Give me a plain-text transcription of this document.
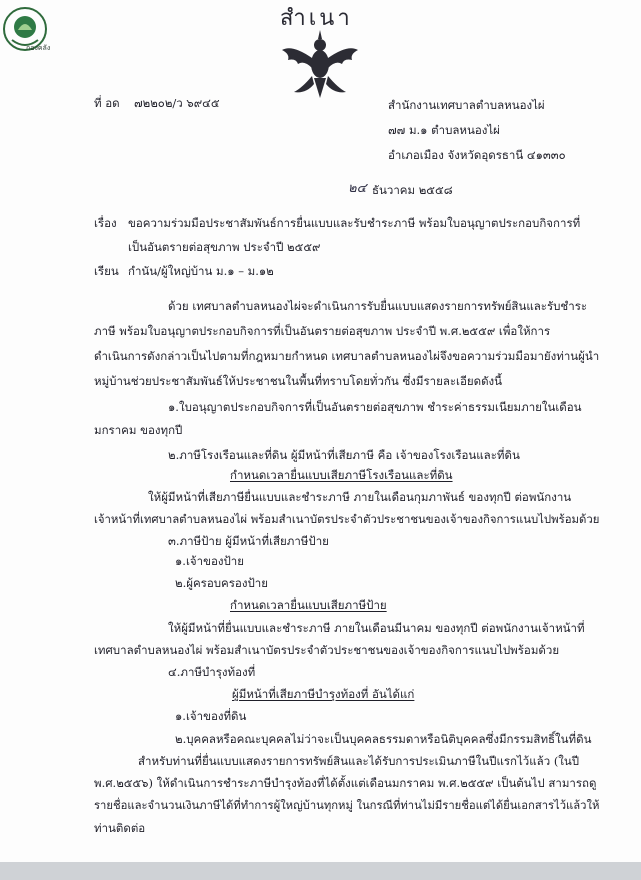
กองคลัง
สำเนา
ที่ อด ๗๒๒๐๒/ว ๖๙๔๕	สำนักงานเทศบาลตำบลหนองไผ่
๗๗ ม.๑ ตำบลหนองไผ่
อำเภอเมือง จังหวัดอุดรธานี ๔๑๓๓๐
๒๔ ธันวาคม ๒๕๕๘
เรื่อง ขอความร่วมมือประชาสัมพันธ์การยื่นแบบและรับชำระภาษี พร้อมใบอนุญาตประกอบกิจการที่
เป็นอันตรายต่อสุขภาพ ประจำปี ๒๕๕๙
เรียน กำนัน/ผู้ใหญ่บ้าน ม.๑ – ม.๑๒
ด้วย เทศบาลตำบลหนองไผ่จะดำเนินการรับยื่นแบบแสดงรายการทรัพย์สินและรับชำระ
ภาษี พร้อมใบอนุญาตประกอบกิจการที่เป็นอันตรายต่อสุขภาพ ประจำปี พ.ศ.๒๕๕๙ เพื่อให้การ
ดำเนินการดังกล่าวเป็นไปตามที่กฎหมายกำหนด เทศบาลตำบลหนองไผ่จึงขอความร่วมมือมายังท่านผู้นำ
หมู่บ้านช่วยประชาสัมพันธ์ให้ประชาชนในพื้นที่ทราบโดยทั่วกัน ซึ่งมีรายละเอียดดังนี้
๑.ใบอนุญาตประกอบกิจการที่เป็นอันตรายต่อสุขภาพ ชำระค่าธรรมเนียมภายในเดือน
มกราคม ของทุกปี
๒.ภาษีโรงเรือนและที่ดิน ผู้มีหน้าที่เสียภาษี คือ เจ้าของโรงเรือนและที่ดิน
กำหนดเวลายื่นแบบเสียภาษีโรงเรือนและที่ดิน
ให้ผู้มีหน้าที่เสียภาษียื่นแบบและชำระภาษี ภายในเดือนกุมภาพันธ์ ของทุกปี ต่อพนักงาน
เจ้าหน้าที่เทศบาลตำบลหนองไผ่ พร้อมสำเนาบัตรประจำตัวประชาชนของเจ้าของกิจการแนบไปพร้อมด้วย
๓.ภาษีป้าย ผู้มีหน้าที่เสียภาษีป้าย
๑.เจ้าของป้าย
๒.ผู้ครอบครองป้าย
กำหนดเวลายื่นแบบเสียภาษีป้าย
ให้ผู้มีหน้าที่ยื่นแบบและชำระภาษี ภายในเดือนมีนาคม ของทุกปี ต่อพนักงานเจ้าหน้าที่
เทศบาลตำบลหนองไผ่ พร้อมสำเนาบัตรประจำตัวประชาชนของเจ้าของกิจการแนบไปพร้อมด้วย
๔.ภาษีบำรุงท้องที่
ผู้มีหน้าที่เสียภาษีบำรุงท้องที่ อันได้แก่
๑.เจ้าของที่ดิน
๒.บุคคลหรือคณะบุคคลไม่ว่าจะเป็นบุคคลธรรมดาหรือนิติบุคคลซึ่งมีกรรมสิทธิ์ในที่ดิน
สำหรับท่านที่ยื่นแบบแสดงรายการทรัพย์สินและได้รับการประเมินภาษีในปีแรกไว้แล้ว (ในปี
พ.ศ.๒๕๕๖) ให้ดำเนินการชำระภาษีบำรุงท้องที่ได้ตั้งแต่เดือนมกราคม พ.ศ.๒๕๕๙ เป็นต้นไป สามารถดู
รายชื่อและจำนวนเงินภาษีได้ที่ทำการผู้ใหญ่บ้านทุกหมู่ ในกรณีที่ท่านไม่มีรายชื่อแต่ได้ยื่นเอกสารไว้แล้วให้
ท่านติดต่อ
